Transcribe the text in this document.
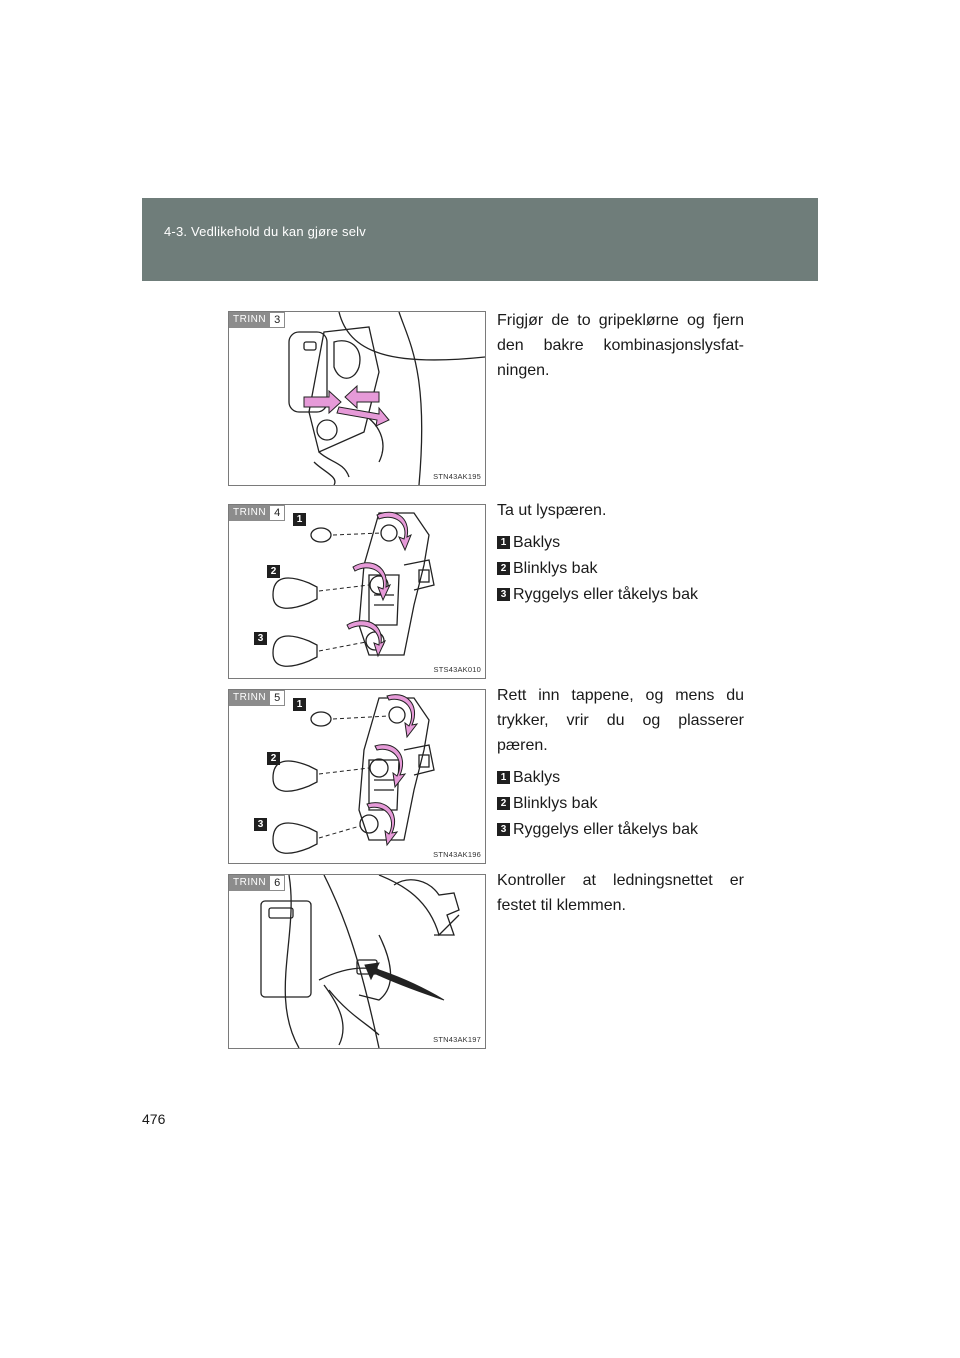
4-3. Vedlikehold du kan gjøre selv
TRINN 3
STN43AK195

Frigjør de to gripeklørne og fjern den bakre kombinasjonslysfat-ningen.

TRINN 4
1
2
3
STS43AK010

Ta ut lyspæren.

1 Baklys
2 Blinklys bak
3 Ryggelys eller tåkelys bak
TRINN 5
1
2
3
STN43AK196

Rett inn tappene, og mens du trykker, vrir du og plasserer pæren.

1 Baklys
2 Blinklys bak
3 Ryggelys eller tåkelys bak
TRINN 6
STN43AK197

Kontroller at ledningsnettet er festet til klemmen.

476
